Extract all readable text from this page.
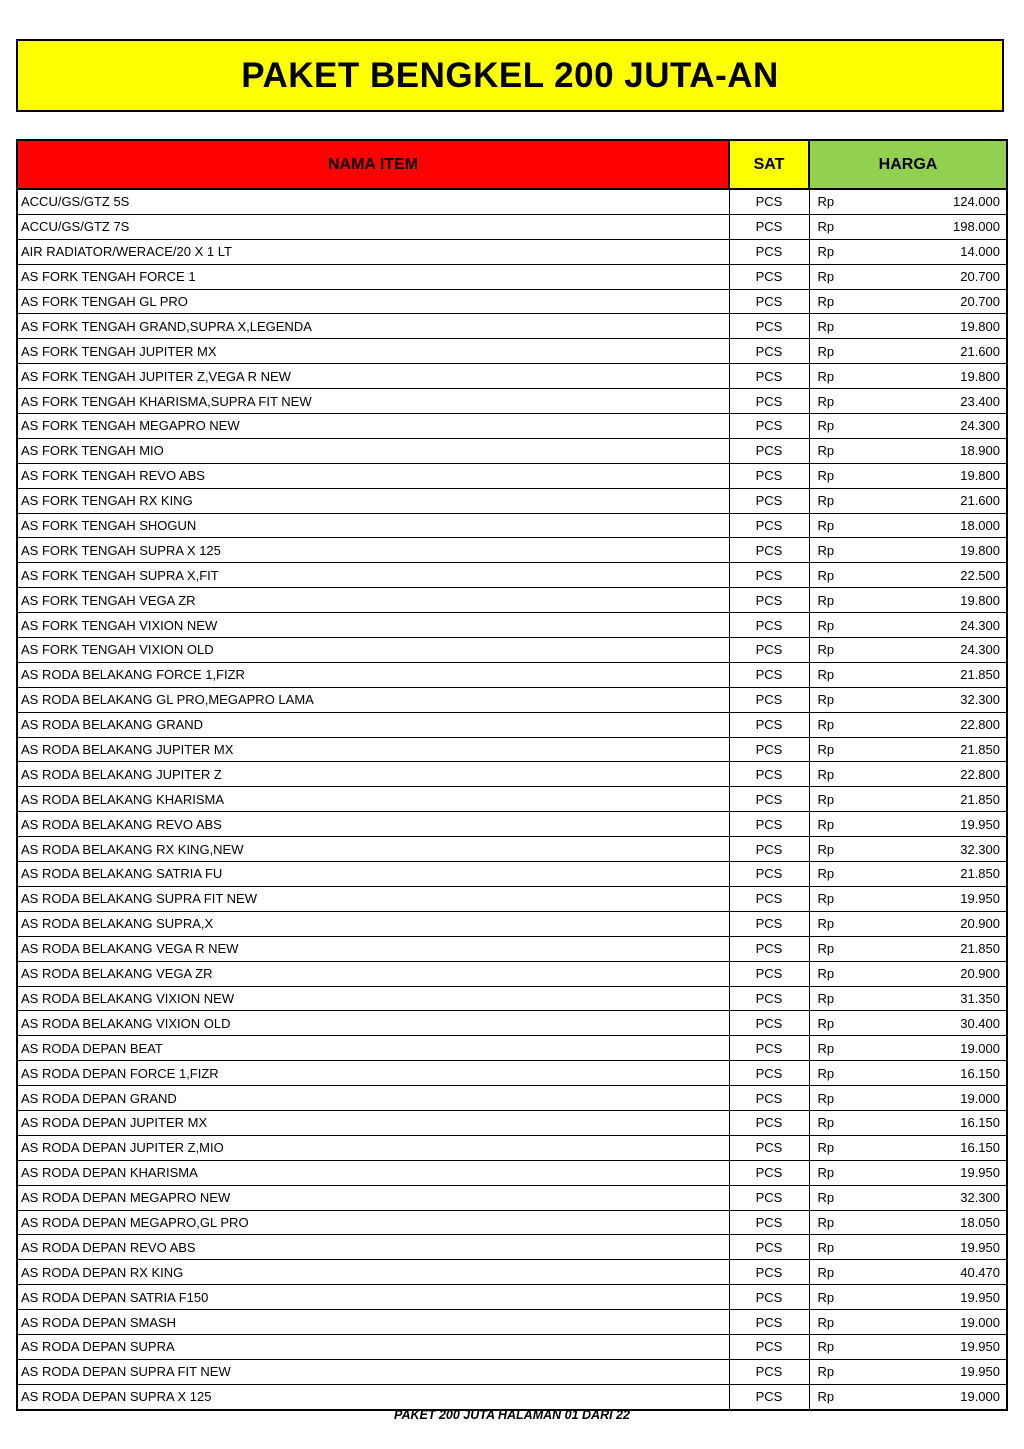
PAKET BENGKEL 200 JUTA-AN
NAMA ITEM	SAT	HARGA
ACCU/GS/GTZ 5S	PCS	Rp 124.000

ACCU/GS/GTZ 7S	PCS	Rp 198.000

AIR RADIATOR/WERACE/20 X 1 LT	PCS	Rp 14.000

AS FORK TENGAH FORCE 1	PCS	Rp 20.700

AS FORK TENGAH GL PRO	PCS	Rp 20.700

AS FORK TENGAH GRAND,SUPRA X,LEGENDA	PCS	Rp 19.800

AS FORK TENGAH JUPITER MX	PCS	Rp 21.600

AS FORK TENGAH JUPITER Z,VEGA R NEW	PCS	Rp 19.800

AS FORK TENGAH KHARISMA,SUPRA FIT NEW	PCS	Rp 23.400

AS FORK TENGAH MEGAPRO NEW	PCS	Rp 24.300

AS FORK TENGAH MIO	PCS	Rp 18.900

AS FORK TENGAH REVO ABS	PCS	Rp 19.800

AS FORK TENGAH RX KING	PCS	Rp 21.600

AS FORK TENGAH SHOGUN	PCS	Rp 18.000

AS FORK TENGAH SUPRA X 125	PCS	Rp 19.800

AS FORK TENGAH SUPRA X,FIT	PCS	Rp 22.500

AS FORK TENGAH VEGA ZR	PCS	Rp 19.800

AS FORK TENGAH VIXION NEW	PCS	Rp 24.300

AS FORK TENGAH VIXION OLD	PCS	Rp 24.300

AS RODA BELAKANG FORCE 1,FIZR	PCS	Rp 21.850

AS RODA BELAKANG GL PRO,MEGAPRO LAMA	PCS	Rp 32.300

AS RODA BELAKANG GRAND	PCS	Rp 22.800

AS RODA BELAKANG JUPITER MX	PCS	Rp 21.850

AS RODA BELAKANG JUPITER Z	PCS	Rp 22.800

AS RODA BELAKANG KHARISMA	PCS	Rp 21.850

AS RODA BELAKANG REVO ABS	PCS	Rp 19.950

AS RODA BELAKANG RX KING,NEW	PCS	Rp 32.300

AS RODA BELAKANG SATRIA FU	PCS	Rp 21.850

AS RODA BELAKANG SUPRA FIT NEW	PCS	Rp 19.950

AS RODA BELAKANG SUPRA,X	PCS	Rp 20.900

AS RODA BELAKANG VEGA R NEW	PCS	Rp 21.850

AS RODA BELAKANG VEGA ZR	PCS	Rp 20.900

AS RODA BELAKANG VIXION NEW	PCS	Rp 31.350

AS RODA BELAKANG VIXION OLD	PCS	Rp 30.400

AS RODA DEPAN BEAT	PCS	Rp 19.000

AS RODA DEPAN FORCE 1,FIZR	PCS	Rp 16.150

AS RODA DEPAN GRAND	PCS	Rp 19.000

AS RODA DEPAN JUPITER MX	PCS	Rp 16.150

AS RODA DEPAN JUPITER Z,MIO	PCS	Rp 16.150

AS RODA DEPAN KHARISMA	PCS	Rp 19.950

AS RODA DEPAN MEGAPRO NEW	PCS	Rp 32.300

AS RODA DEPAN MEGAPRO,GL PRO	PCS	Rp 18.050

AS RODA DEPAN REVO ABS	PCS	Rp 19.950

AS RODA DEPAN RX KING	PCS	Rp 40.470

AS RODA DEPAN SATRIA F150	PCS	Rp 19.950

AS RODA DEPAN SMASH	PCS	Rp 19.000

AS RODA DEPAN SUPRA	PCS	Rp 19.950

AS RODA DEPAN SUPRA FIT NEW	PCS	Rp 19.950

AS RODA DEPAN SUPRA X 125	PCS	Rp 19.000
PAKET 200 JUTA HALAMAN 01 DARI 22
